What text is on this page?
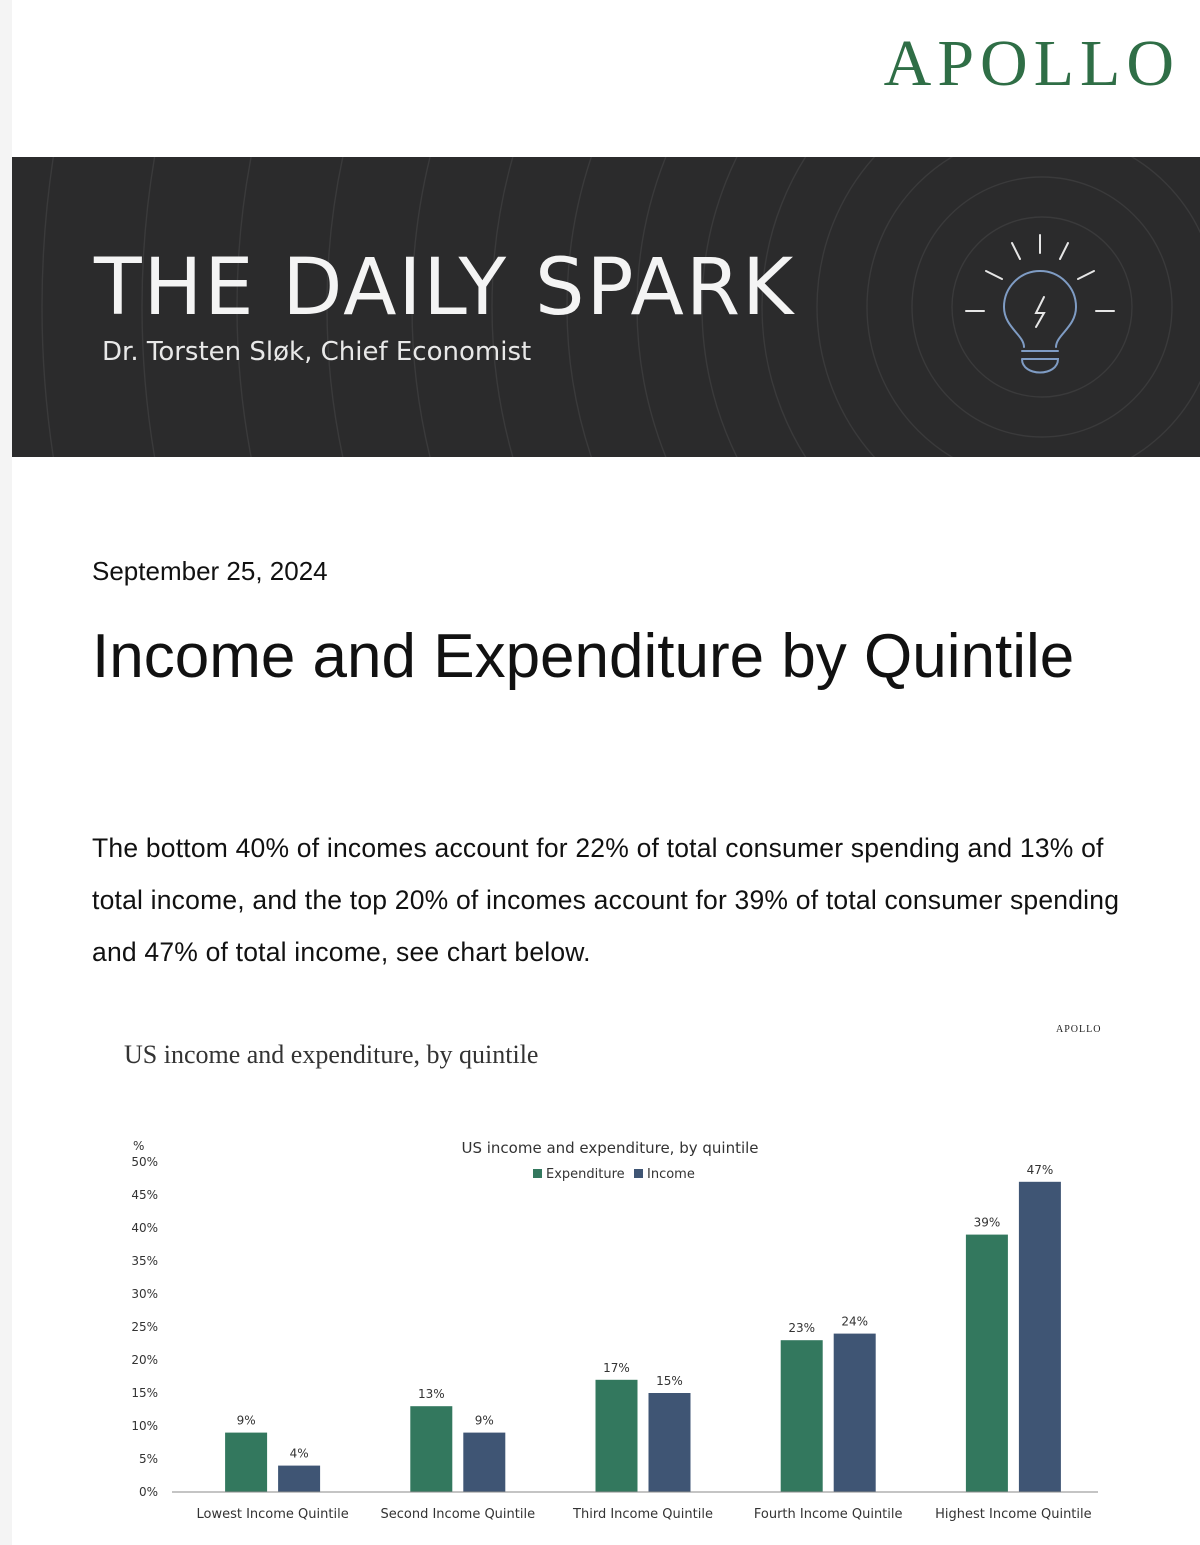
APOLLO
THE DAILY SPARK
Dr. Torsten Sløk, Chief Economist
September 25, 2024
Income and Expenditure by Quintile

The bottom 40% of incomes account for 22% of total consumer spending and 13% of total income, and the top 20% of incomes account for 39% of total consumer spending and 47% of total income, see chart below.

APOLLO
US income and expenditure, by quintile
%
0%
5%
10%
15%
20%
25%
30%
35%
40%
45%
50%
US income and expenditure, by quintile
Expenditure Income
9%
4%
Lowest Income Quintile
13%
9%
Second Income Quintile
17%
15%
Third Income Quintile
23% 24%
Fourth Income Quintile
39%
47%
Highest Income Quintile
